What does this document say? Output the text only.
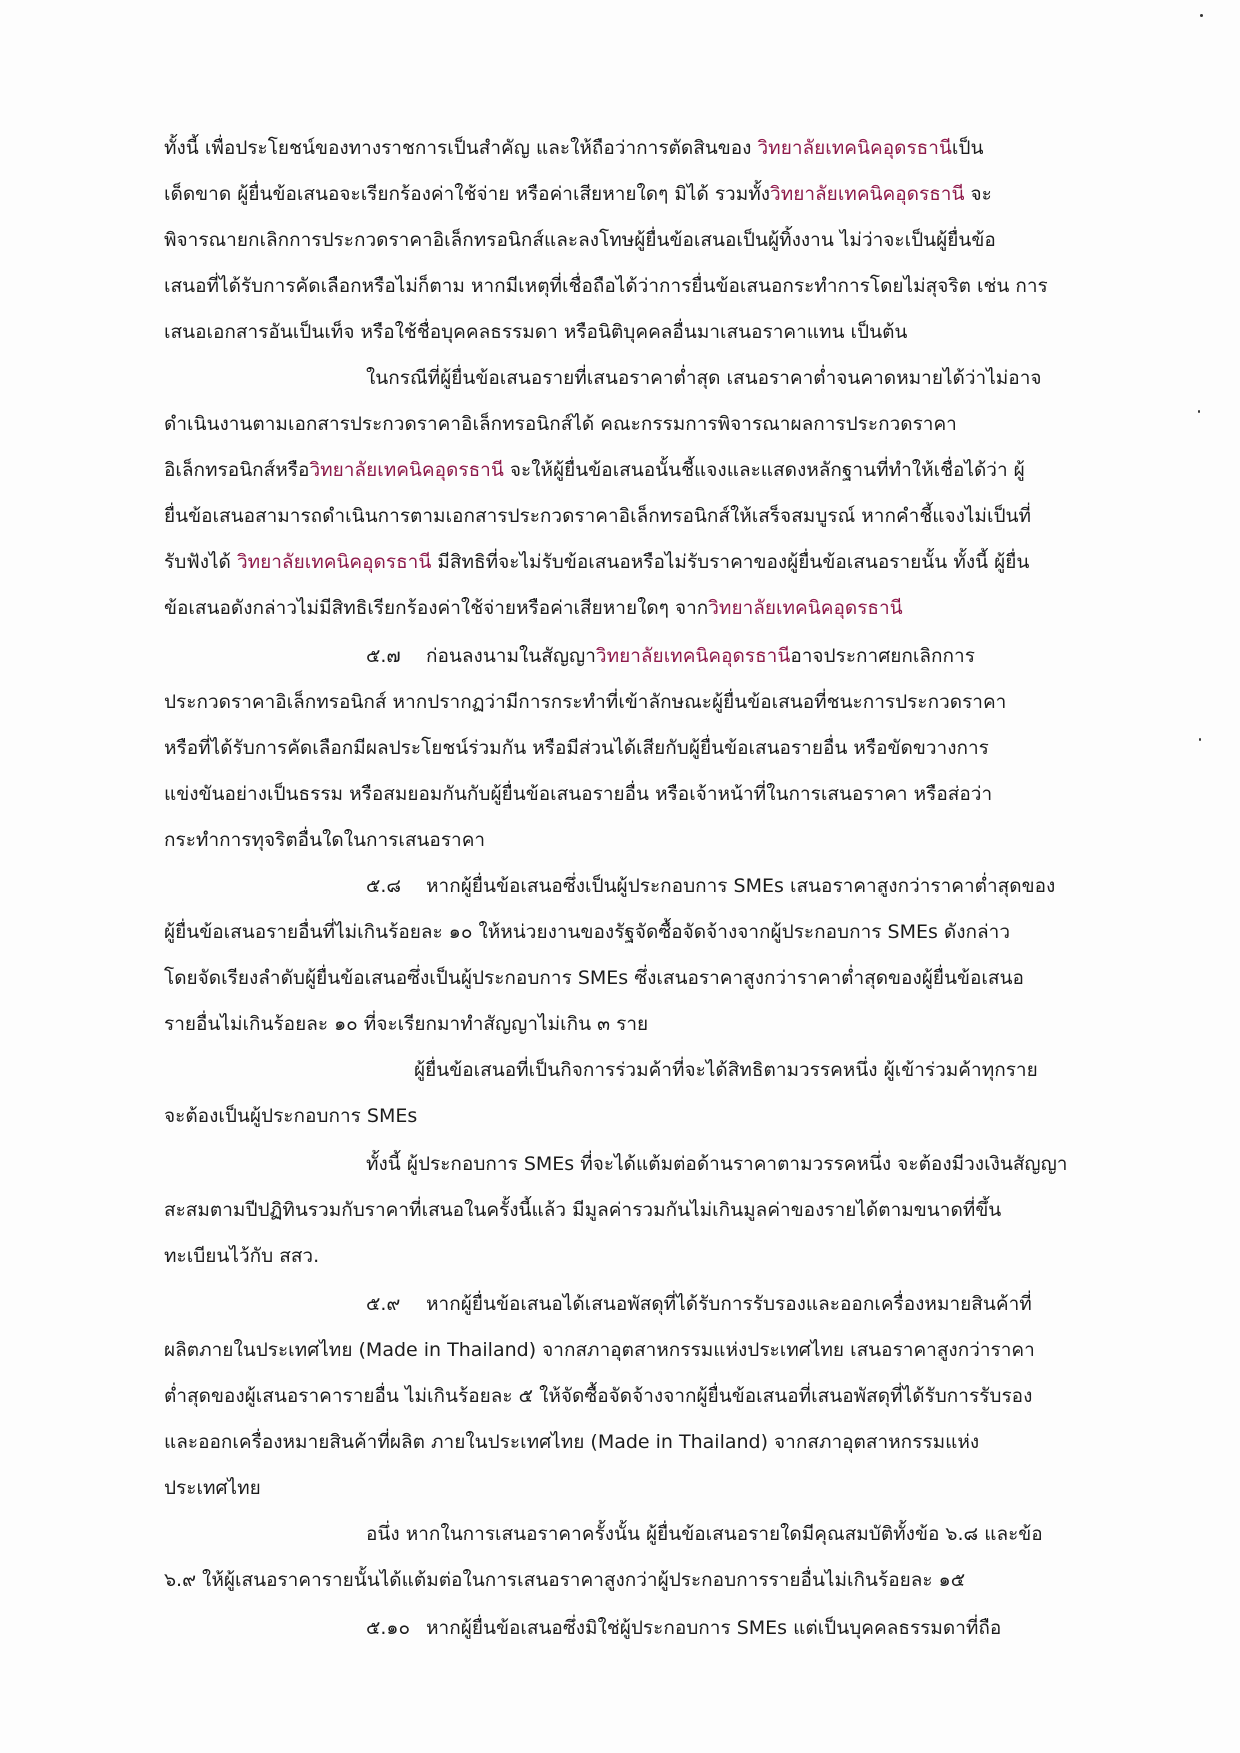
ทั้งนี้ เพื่อประโยชน์ของทางราชการเป็นสำคัญ และให้ถือว่าการตัดสินของ วิทยาลัยเทคนิคอุดรธานีเป็น
เด็ดขาด ผู้ยื่นข้อเสนอจะเรียกร้องค่าใช้จ่าย หรือค่าเสียหายใดๆ มิได้ รวมทั้งวิทยาลัยเทคนิคอุดรธานี จะ
พิจารณายกเลิกการประกวดราคาอิเล็กทรอนิกส์และลงโทษผู้ยื่นข้อเสนอเป็นผู้ทิ้งงาน ไม่ว่าจะเป็นผู้ยื่นข้อ
เสนอที่ได้รับการคัดเลือกหรือไม่ก็ตาม หากมีเหตุที่เชื่อถือได้ว่าการยื่นข้อเสนอกระทำการโดยไม่สุจริต เช่น การ
เสนอเอกสารอันเป็นเท็จ หรือใช้ชื่อบุคคลธรรมดา หรือนิติบุคคลอื่นมาเสนอราคาแทน เป็นต้น
ในกรณีที่ผู้ยื่นข้อเสนอรายที่เสนอราคาต่ำสุด เสนอราคาต่ำจนคาดหมายได้ว่าไม่อาจ
ดำเนินงานตามเอกสารประกวดราคาอิเล็กทรอนิกส์ได้ คณะกรรมการพิจารณาผลการประกวดราคา
อิเล็กทรอนิกส์หรือวิทยาลัยเทคนิคอุดรธานี จะให้ผู้ยื่นข้อเสนอนั้นชี้แจงและแสดงหลักฐานที่ทำให้เชื่อได้ว่า ผู้
ยื่นข้อเสนอสามารถดำเนินการตามเอกสารประกวดราคาอิเล็กทรอนิกส์ให้เสร็จสมบูรณ์ หากคำชี้แจงไม่เป็นที่
รับฟังได้ วิทยาลัยเทคนิคอุดรธานี มีสิทธิที่จะไม่รับข้อเสนอหรือไม่รับราคาของผู้ยื่นข้อเสนอรายนั้น ทั้งนี้ ผู้ยื่น
ข้อเสนอดังกล่าวไม่มีสิทธิเรียกร้องค่าใช้จ่ายหรือค่าเสียหายใดๆ จากวิทยาลัยเทคนิคอุดรธานี
๕.๗ ก่อนลงนามในสัญญาวิทยาลัยเทคนิคอุดรธานีอาจประกาศยกเลิกการ
ประกวดราคาอิเล็กทรอนิกส์ หากปรากฏว่ามีการกระทำที่เข้าลักษณะผู้ยื่นข้อเสนอที่ชนะการประกวดราคา
หรือที่ได้รับการคัดเลือกมีผลประโยชน์ร่วมกัน หรือมีส่วนได้เสียกับผู้ยื่นข้อเสนอรายอื่น หรือขัดขวางการ
แข่งขันอย่างเป็นธรรม หรือสมยอมกันกับผู้ยื่นข้อเสนอรายอื่น หรือเจ้าหน้าที่ในการเสนอราคา หรือส่อว่า
กระทำการทุจริตอื่นใดในการเสนอราคา
๕.๘ หากผู้ยื่นข้อเสนอซึ่งเป็นผู้ประกอบการ SMEs เสนอราคาสูงกว่าราคาต่ำสุดของ
ผู้ยื่นข้อเสนอรายอื่นที่ไม่เกินร้อยละ ๑๐ ให้หน่วยงานของรัฐจัดซื้อจัดจ้างจากผู้ประกอบการ SMEs ดังกล่าว
โดยจัดเรียงลำดับผู้ยื่นข้อเสนอซึ่งเป็นผู้ประกอบการ SMEs ซึ่งเสนอราคาสูงกว่าราคาต่ำสุดของผู้ยื่นข้อเสนอ
รายอื่นไม่เกินร้อยละ ๑๐ ที่จะเรียกมาทำสัญญาไม่เกิน ๓ ราย
ผู้ยื่นข้อเสนอที่เป็นกิจการร่วมค้าที่จะได้สิทธิตามวรรคหนึ่ง ผู้เข้าร่วมค้าทุกราย
จะต้องเป็นผู้ประกอบการ SMEs
ทั้งนี้ ผู้ประกอบการ SMEs ที่จะได้แต้มต่อด้านราคาตามวรรคหนึ่ง จะต้องมีวงเงินสัญญา
สะสมตามปีปฏิทินรวมกับราคาที่เสนอในครั้งนี้แล้ว มีมูลค่ารวมกันไม่เกินมูลค่าของรายได้ตามขนาดที่ขึ้น
ทะเบียนไว้กับ สสว.
๕.๙ หากผู้ยื่นข้อเสนอได้เสนอพัสดุที่ได้รับการรับรองและออกเครื่องหมายสินค้าที่
ผลิตภายในประเทศไทย (Made in Thailand) จากสภาอุตสาหกรรมแห่งประเทศไทย เสนอราคาสูงกว่าราคา
ต่ำสุดของผู้เสนอราคารายอื่น ไม่เกินร้อยละ ๕ ให้จัดซื้อจัดจ้างจากผู้ยื่นข้อเสนอที่เสนอพัสดุที่ได้รับการรับรอง
และออกเครื่องหมายสินค้าที่ผลิต ภายในประเทศไทย (Made in Thailand) จากสภาอุตสาหกรรมแห่ง
ประเทศไทย
อนึ่ง หากในการเสนอราคาครั้งนั้น ผู้ยื่นข้อเสนอรายใดมีคุณสมบัติทั้งข้อ ๖.๘ และข้อ
๖.๙ ให้ผู้เสนอราคารายนั้นได้แต้มต่อในการเสนอราคาสูงกว่าผู้ประกอบการรายอื่นไม่เกินร้อยละ ๑๕
๕.๑๐ หากผู้ยื่นข้อเสนอซึ่งมิใช่ผู้ประกอบการ SMEs แต่เป็นบุคคลธรรมดาที่ถือ
